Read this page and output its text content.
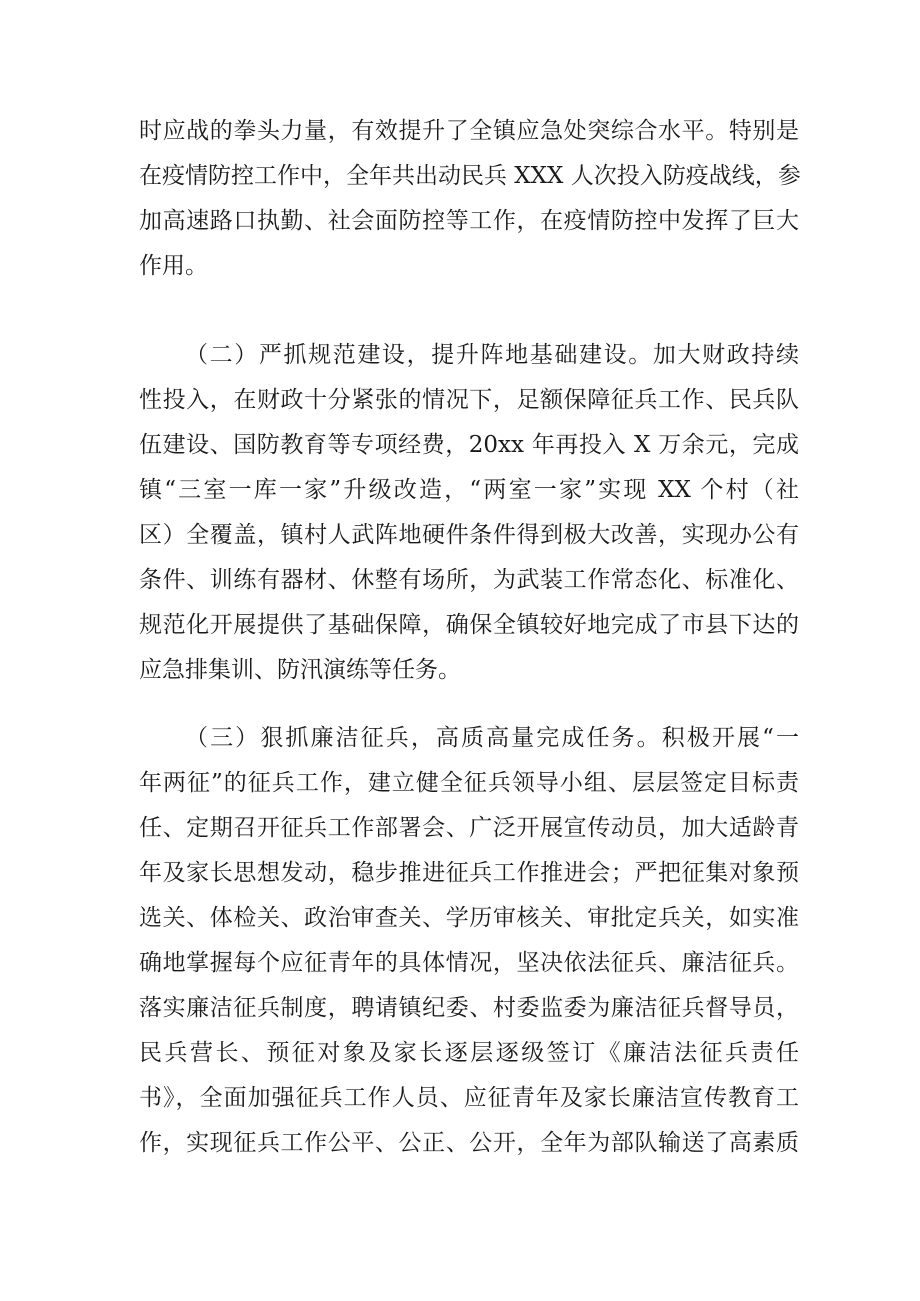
时应战的拳头力量，有效提升了全镇应急处突综合水平。特别是
在疫情防控工作中，全年共出动民兵 XXX 人次投入防疫战线，参
加高速路口执勤、社会面防控等工作，在疫情防控中发挥了巨大
作用。
（二）严抓规范建设，提升阵地基础建设。加大财政持续
性投入，在财政十分紧张的情况下，足额保障征兵工作、民兵队
伍建设、国防教育等专项经费，20xx 年再投入 X 万余元，完成
镇“三室一库一家”升级改造，“两室一家”实现 XX 个村（社
区）全覆盖，镇村人武阵地硬件条件得到极大改善，实现办公有
条件、训练有器材、休整有场所，为武装工作常态化、标准化、
规范化开展提供了基础保障，确保全镇较好地完成了市县下达的
应急排集训、防汛演练等任务。
（三）狠抓廉洁征兵，高质高量完成任务。积极开展“一
年两征”的征兵工作，建立健全征兵领导小组、层层签定目标责
任、定期召开征兵工作部署会、广泛开展宣传动员，加大适龄青
年及家长思想发动，稳步推进征兵工作推进会；严把征集对象预
选关、体检关、政治审查关、学历审核关、审批定兵关，如实准
确地掌握每个应征青年的具体情况，坚决依法征兵、廉洁征兵。
落实廉洁征兵制度，聘请镇纪委、村委监委为廉洁征兵督导员，
民兵营长、预征对象及家长逐层逐级签订《廉洁法征兵责任
书》，全面加强征兵工作人员、应征青年及家长廉洁宣传教育工
作，实现征兵工作公平、公正、公开，全年为部队输送了高素质
